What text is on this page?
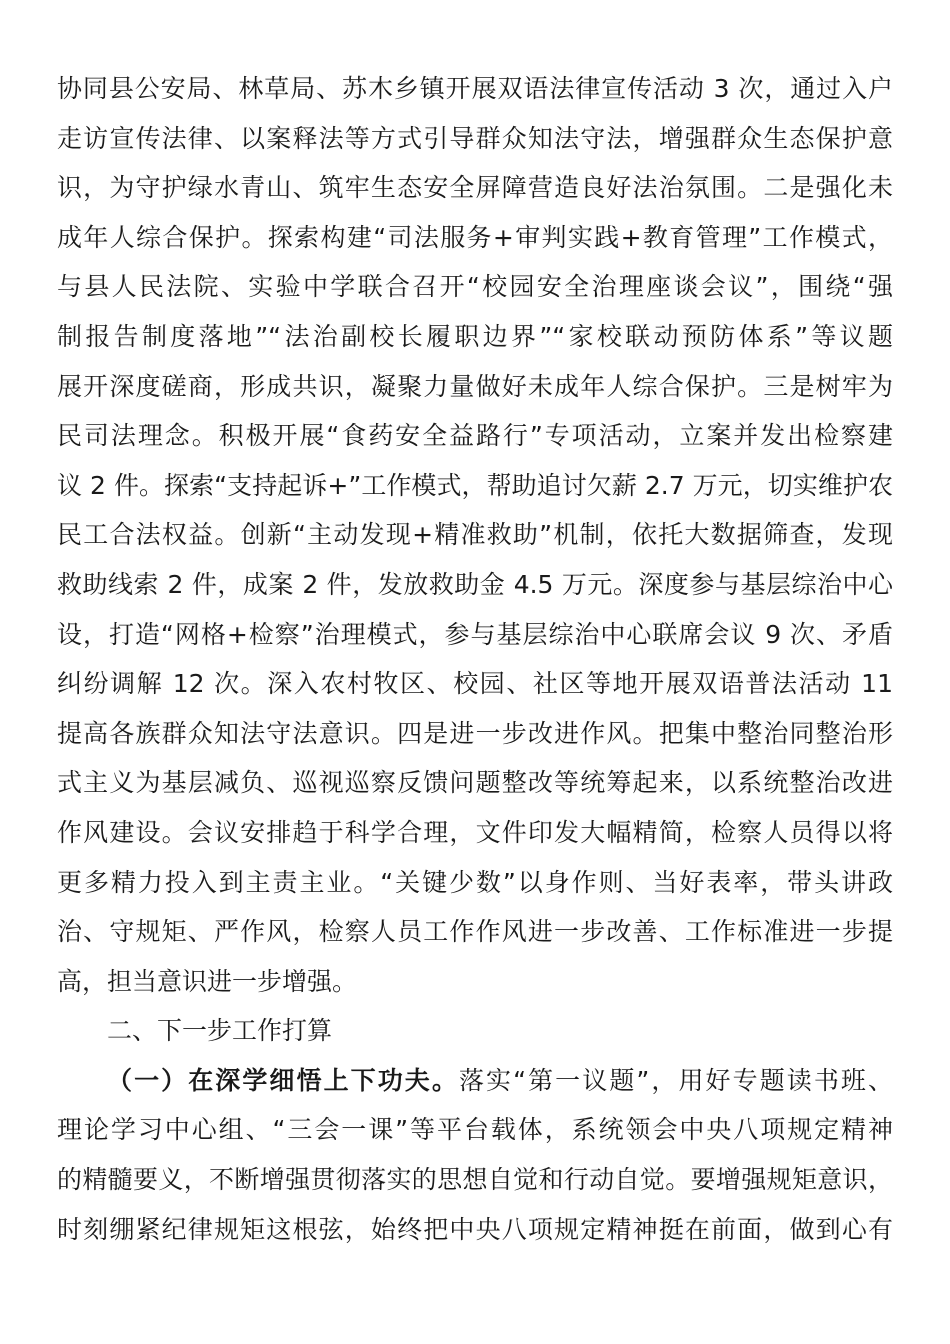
协同县公安局、林草局、苏木乡镇开展双语法律宣传活动 3 次，通过入户
走访宣传法律、以案释法等方式引导群众知法守法，增强群众生态保护意
识，为守护绿水青山、筑牢生态安全屏障营造良好法治氛围。二是强化未
成年人综合保护。探索构建“司法服务+审判实践+教育管理”工作模式，
与县人民法院、实验中学联合召开“校园安全治理座谈会议”，围绕“强
制报告制度落地”“法治副校长履职边界”“家校联动预防体系”等议题
展开深度磋商，形成共识，凝聚力量做好未成年人综合保护。三是树牢为
民司法理念。积极开展“食药安全益路行”专项活动，立案并发出检察建
议 2 件。探索“支持起诉+”工作模式，帮助追讨欠薪 2.7 万元，切实维护农
民工合法权益。创新“主动发现+精准救助”机制，依托大数据筛查，发现
救助线索 2 件，成案 2 件，发放救助金 4.5 万元。深度参与基层综治中心
设，打造“网格+检察”治理模式，参与基层综治中心联席会议 9 次、矛盾
纠纷调解 12 次。深入农村牧区、校园、社区等地开展双语普法活动 11
提高各族群众知法守法意识。四是进一步改进作风。把集中整治同整治形
式主义为基层减负、巡视巡察反馈问题整改等统筹起来，以系统整治改进
作风建设。会议安排趋于科学合理，文件印发大幅精简，检察人员得以将
更多精力投入到主责主业。“关键少数”以身作则、当好表率，带头讲政
治、守规矩、严作风，检察人员工作作风进一步改善、工作标准进一步提
高，担当意识进一步增强。
二、下一步工作打算
（一）在深学细悟上下功夫。落实“第一议题”，用好专题读书班、
理论学习中心组、“三会一课”等平台载体，系统领会中央八项规定精神
的精髓要义，不断增强贯彻落实的思想自觉和行动自觉。要增强规矩意识，
时刻绷紧纪律规矩这根弦，始终把中央八项规定精神挺在前面，做到心有
